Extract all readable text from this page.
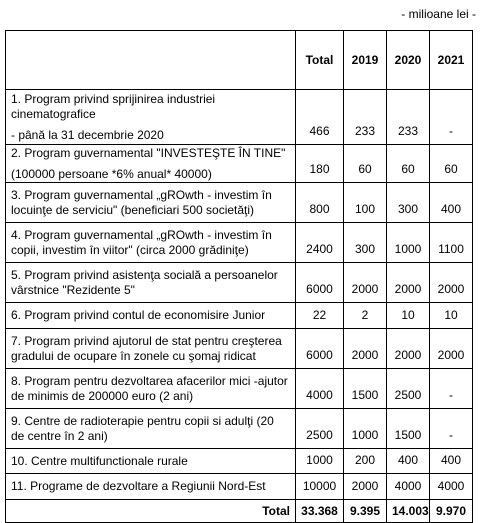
- milioane lei -
	Total	2019	2020	2021

1. Program privind sprijinirea industriei cinematografice
- până la 31 decembrie 2020	466	233	233	-

2. Program guvernamental "INVESTEŞTE ÎN TINE"
(100000 persoane *6% anual* 40000)	180	60	60	60

3. Program guvernamental „gROwth - investim în locuinţe de serviciu" (beneficiari 500 societăţi)	800	100	300	400

4. Program guvernamental „gROwth - investim în copii, investim în viitor" (circa 2000 grădiniţe)	2400	300	1000	1100

5. Program privind asistenţa socială a persoanelor vârstnice "Rezidente 5"	6000	2000	2000	2000

6. Program privind contul de economisire Junior	22	2	10	10

7. Program privind ajutorul de stat pentru creşterea gradului de ocupare în zonele cu şomaj ridicat	6000	2000	2000	2000

8. Program pentru dezvoltarea afacerilor mici -ajutor de minimis de 200000 euro (2 ani)	4000	1500	2500	-

9. Centre de radioterapie pentru copii si adulţi (20 de centre în 2 ani)	2500	1000	1500	-

10. Centre multifunctionale rurale	1000	200	400	400

11. Programe de dezvoltare a Regiunii Nord-Est	10000	2000	4000	4000
Total	33.368	9.395	14.003	9.970
